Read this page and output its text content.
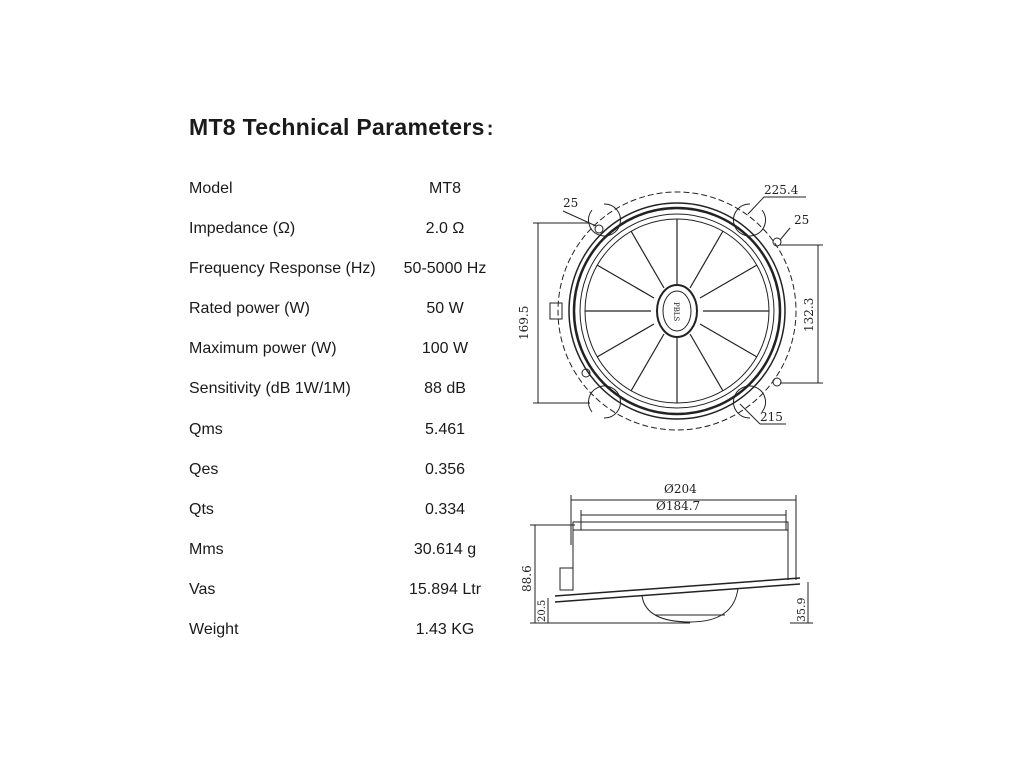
MT8 Technical Parameters :
Model	MT8
Impedance (Ω)	2.0 Ω
Frequency Response (Hz)	50-5000 Hz
Rated power (W)	50 W
Maximum power (W)	100 W
Sensitivity (dB 1W/1M)	88 dB
Qms	5.461
Qes	0.356
Qts	0.334
Mms	30.614 g
Vas	15.894 Ltr
Weight	1.43 KG
25
225.4
25
169.5	132.3
215
PBLS
Ø204
Ø184.7
88.6
20.5	35.9
